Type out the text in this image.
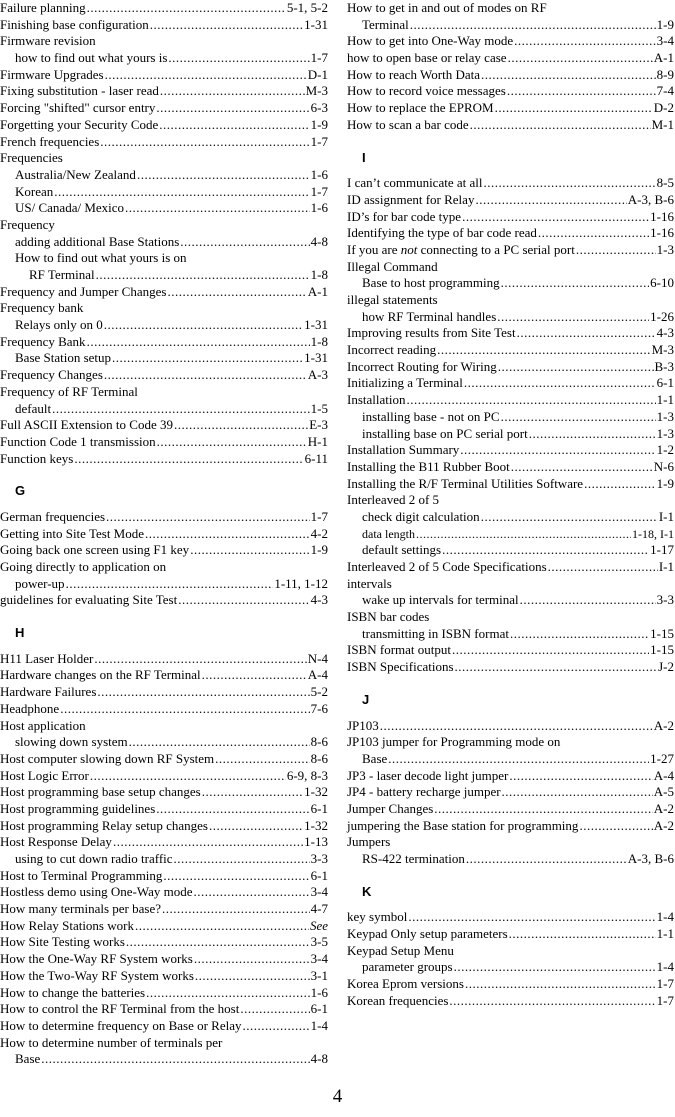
Failure planning .....	5-1, 5-2
Finishing base configuration .....	1-31
Firmware revision
how to find out what yours is .....	1-7
Firmware Upgrades .....	D-1
Fixing substitution - laser read .....	M-3
Forcing "shifted" cursor entry .....	6-3
Forgetting your Security Code .....	1-9
French frequencies .....	1-7
Frequencies
Australia/New Zealand .....	1-6
Korean .....	1-7
US/ Canada/ Mexico .....	1-6
Frequency
adding additional Base Stations .....	4-8
How to find out what yours is on
RF Terminal .....	1-8
Frequency and Jumper Changes .....	A-1
Frequency bank
Relays only on 0 .....	1-31
Frequency Bank .....	1-8
Base Station setup .....	1-31
Frequency Changes .....	A-3
Frequency of RF Terminal
default .....	1-5
Full ASCII Extension to Code 39 .....	E-3
Function Code 1 transmission .....	H-1
Function keys .....	6-11
G
German frequencies .....	1-7
Getting into Site Test Mode .....	4-2
Going back one screen using F1 key .....	1-9
Going directly to application on
power-up .....	1-11, 1-12
guidelines for evaluating Site Test .....	4-3
H
H11 Laser Holder .....	N-4
Hardware changes on the RF Terminal .....	A-4
Hardware Failures .....	5-2
Headphone .....	7-6
Host application
slowing down system .....	8-6
Host computer slowing down RF System .....	8-6
Host Logic Error .....	6-9, 8-3
Host programming base setup changes .....	1-32
Host programming guidelines .....	6-1
Host programming Relay setup changes .....	1-32
Host Response Delay .....	1-13
using to cut down radio traffic .....	3-3
Host to Terminal Programming .....	6-1
Hostless demo using One-Way mode .....	3-4
How many terminals per base? .....	4-7
How Relay Stations work .....	See
How Site Testing works .....	3-5
How the One-Way RF System works .....	3-4
How the Two-Way RF System works .....	3-1
How to change the batteries .....	1-6
How to control the RF Terminal from the host .....	6-1
How to determine frequency on Base or Relay .....	1-4
How to determine number of terminals per
Base .....	4-8
How to get in and out of modes on RF
Terminal .....	1-9
How to get into One-Way mode .....	3-4
how to open base or relay case .....	A-1
How to reach Worth Data .....	8-9
How to record voice messages .....	7-4
How to replace the EPROM .....	D-2
How to scan a bar code .....	M-1
I
I can’t communicate at all .....	8-5
ID assignment for Relay .....	A-3, B-6
ID’s for bar code type .....	1-16
Identifying the type of bar code read .....	1-16
If you are not connecting to a PC serial port .....	1-3
Illegal Command
Base to host programming .....	6-10
illegal statements
how RF Terminal handles .....	1-26
Improving results from Site Test .....	4-3
Incorrect reading .....	M-3
Incorrect Routing for Wiring .....	B-3
Initializing a Terminal .....	6-1
Installation .....	1-1
installing base - not on PC .....	1-3
installing base on PC serial port .....	1-3
Installation Summary .....	1-2
Installing the B11 Rubber Boot .....	N-6
Installing the R/F Terminal Utilities Software .....	1-9
Interleaved 2 of 5
check digit calculation .....	I-1
data length .....	1-18, I-1
default settings .....	1-17
Interleaved 2 of 5 Code Specifications .....	I-1
intervals
wake up intervals for terminal .....	3-3
ISBN bar codes
transmitting in ISBN format .....	1-15
ISBN format output .....	1-15
ISBN Specifications .....	J-2
J
JP103 .....	A-2
JP103 jumper for Programming mode on
Base .....	1-27
JP3 - laser decode light jumper .....	A-4
JP4 - battery recharge jumper .....	A-5
Jumper Changes .....	A-2
jumpering the Base station for programming .....	A-2
Jumpers
RS-422 termination .....	A-3, B-6
K
key symbol .....	1-4
Keypad Only setup parameters .....	1-1
Keypad Setup Menu
parameter groups .....	1-4
Korea Eprom versions .....	1-7
Korean frequencies .....	1-7
4
